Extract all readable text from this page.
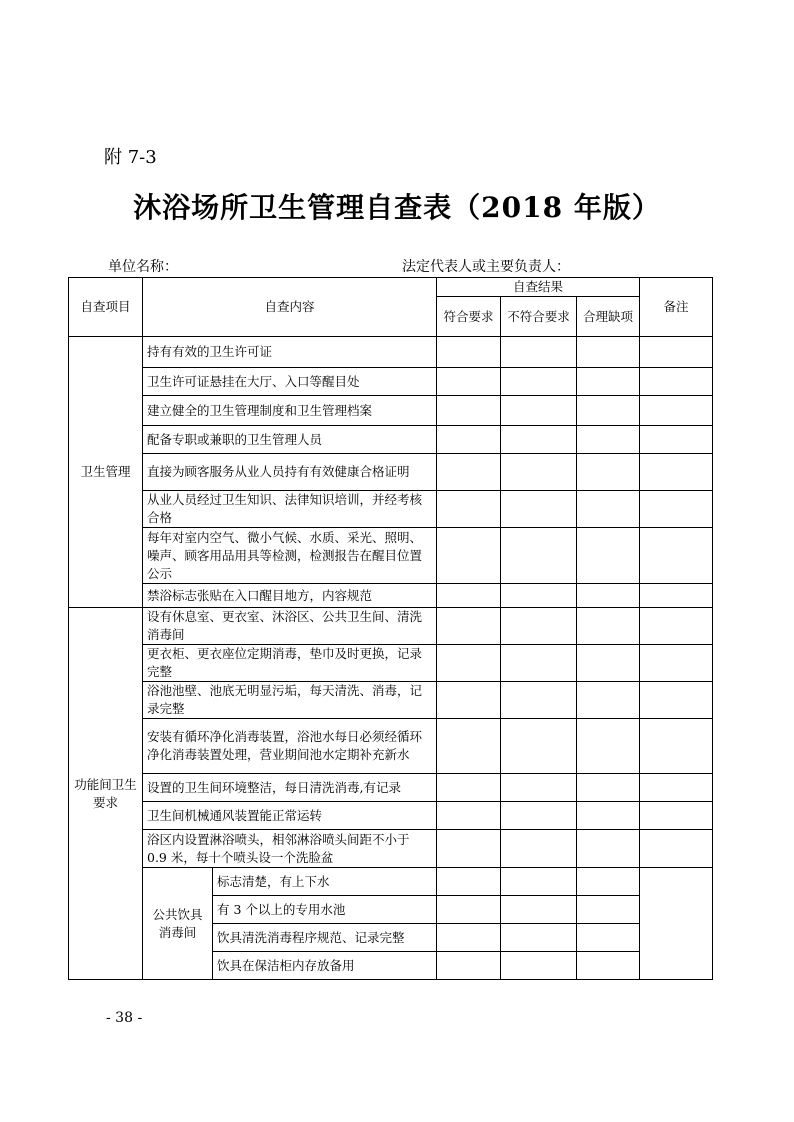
附 7-3
沐浴场所卫生管理自查表（2018 年版）
单位名称：	法定代表人或主要负责人：
自查项目	自查内容		自查结果			备注
			符合要求	不符合要求	合理缺项	
卫生管理	持有有效的卫生许可证					
	卫生许可证悬挂在大厅、入口等醒目处					
	建立健全的卫生管理制度和卫生管理档案					
	配备专职或兼职的卫生管理人员					
	直接为顾客服务从业人员持有有效健康合格证明					
	从业人员经过卫生知识、法律知识培训，并经考核合格					
	每年对室内空气、微小气候、水质、采光、照明、噪声、顾客用品用具等检测，检测报告在醒目位置公示					
	禁浴标志张贴在入口醒目地方，内容规范					
功能间卫生要求	设有休息室、更衣室、沐浴区、公共卫生间、清洗消毒间					
	更衣柜、更衣座位定期消毒，垫巾及时更换，记录完整					
	浴池池壁、池底无明显污垢，每天清洗、消毒，记录完整					
	安装有循环净化消毒装置，浴池水每日必须经循环净化消毒装置处理，营业期间池水定期补充新水					
	设置的卫生间环境整洁，每日清洗消毒,有记录					
	卫生间机械通风装置能正常运转					
	浴区内设置淋浴喷头，相邻淋浴喷头间距不小于 0.9 米，每十个喷头设一个洗脸盆					
	公共饮具消毒间	标志清楚，有上下水				
		有 3 个以上的专用水池				
		饮具清洗消毒程序规范、记录完整				
		饮具在保洁柜内存放备用				
- 38 -
